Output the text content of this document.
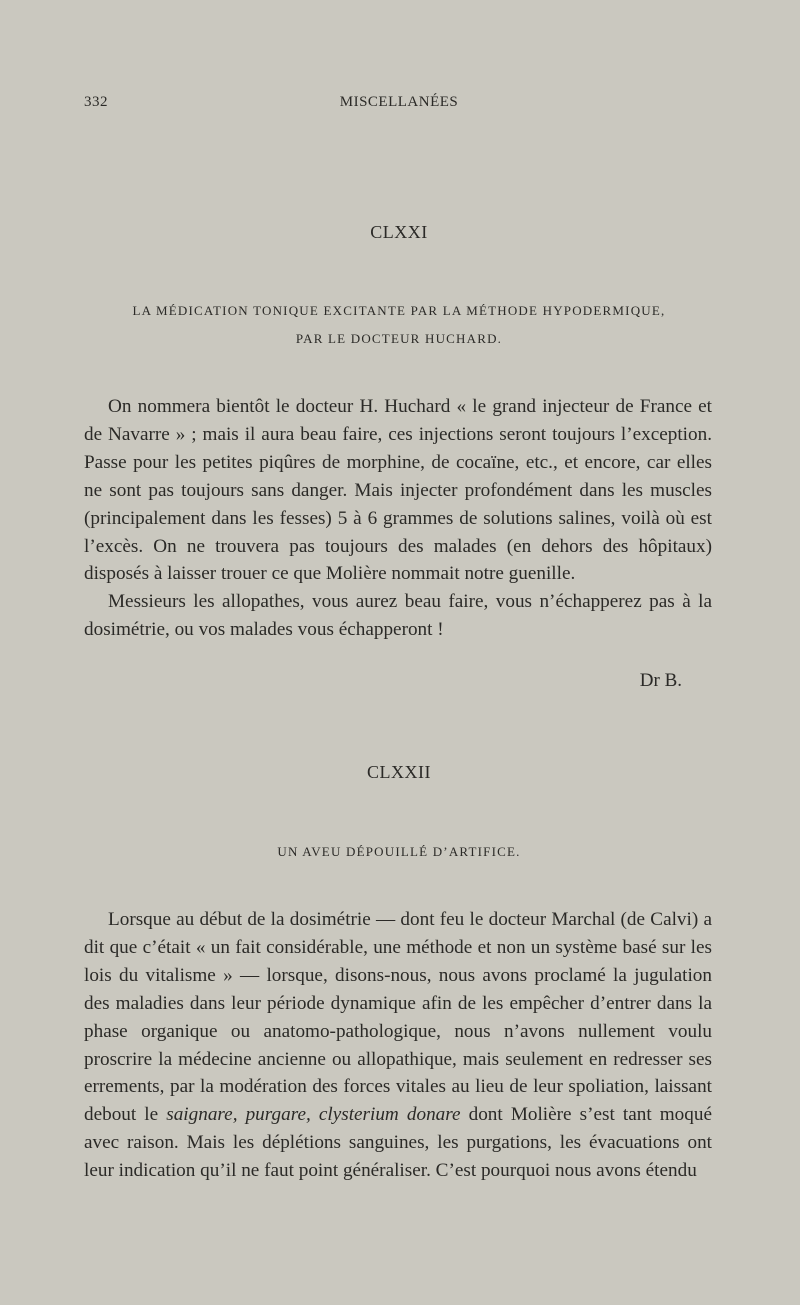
332	MISCELLANÉES
CLXXI
LA MÉDICATION TONIQUE EXCITANTE PAR LA MÉTHODE HYPODERMIQUE,
PAR LE DOCTEUR HUCHARD.

On nommera bientôt le docteur H. Huchard « le grand injecteur de France et de Navarre » ; mais il aura beau faire, ces injections seront toujours l’exception. Passe pour les petites piqûres de morphine, de cocaïne, etc., et encore, car elles ne sont pas toujours sans danger. Mais injecter profondément dans les muscles (principalement dans les fesses) 5 à 6 grammes de solutions salines, voilà où est l’excès. On ne trouvera pas toujours des malades (en dehors des hôpitaux) disposés à laisser trouer ce que Molière nommait notre guenille.

Messieurs les allopathes, vous aurez beau faire, vous n’échapperez pas à la dosimétrie, ou vos malades vous échapperont !

Dr B.
CLXXII
UN AVEU DÉPOUILLÉ D’ARTIFICE.

Lorsque au début de la dosimétrie — dont feu le docteur Marchal (de Calvi) a dit que c’était « un fait considérable, une méthode et non un système basé sur les lois du vitalisme » — lorsque, disons-nous, nous avons proclamé la jugulation des maladies dans leur période dynamique afin de les empêcher d’entrer dans la phase organique ou anatomo-pathologique, nous n’avons nullement voulu proscrire la médecine ancienne ou allopathique, mais seulement en redresser ses errements, par la modération des forces vitales au lieu de leur spoliation, laissant debout le saignare, purgare, clysterium donare dont Molière s’est tant moqué avec raison. Mais les déplétions sanguines, les purgations, les évacuations ont leur indication qu’il ne faut point généraliser. C’est pourquoi nous avons étendu
